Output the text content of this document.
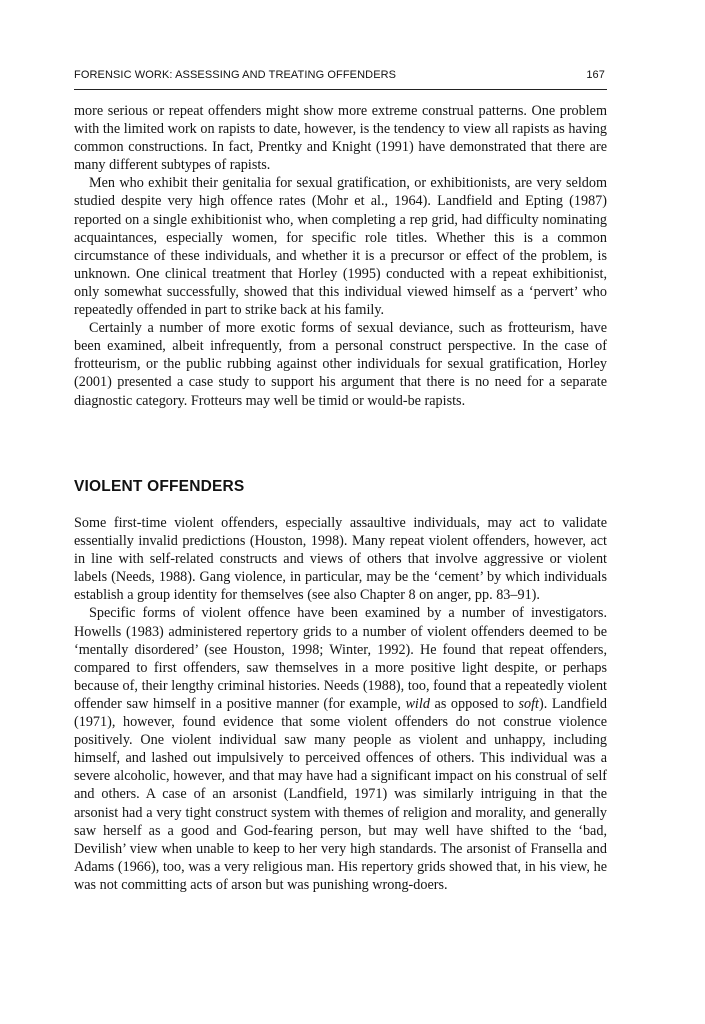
FORENSIC WORK: ASSESSING AND TREATING OFFENDERS	167

more serious or repeat offenders might show more extreme construal patterns. One problem with the limited work on rapists to date, however, is the tendency to view all rapists as having common constructions. In fact, Prentky and Knight (1991) have demonstrated that there are many different subtypes of rapists.

Men who exhibit their genitalia for sexual gratification, or exhibitionists, are very seldom studied despite very high offence rates (Mohr et al., 1964). Landfield and Epting (1987) reported on a single exhibitionist who, when completing a rep grid, had difficulty nominating acquaintances, especially women, for specific role titles. Whether this is a common circumstance of these individuals, and whether it is a precursor or effect of the problem, is unknown. One clinical treatment that Horley (1995) conducted with a repeat exhibitionist, only somewhat successfully, showed that this individual viewed himself as a ‘pervert’ who repeatedly offended in part to strike back at his family.

Certainly a number of more exotic forms of sexual deviance, such as frotteurism, have been examined, albeit infrequently, from a personal construct perspective. In the case of frotteurism, or the public rubbing against other individuals for sexual gratification, Horley (2001) presented a case study to support his argument that there is no need for a separate diagnostic category. Frotteurs may well be timid or would-be rapists.

VIOLENT OFFENDERS

Some first-time violent offenders, especially assaultive individuals, may act to validate essentially invalid predictions (Houston, 1998). Many repeat violent offenders, however, act in line with self-related constructs and views of others that involve aggressive or violent labels (Needs, 1988). Gang violence, in particular, may be the ‘cement’ by which individuals establish a group identity for themselves (see also Chapter 8 on anger, pp. 83–91).

Specific forms of violent offence have been examined by a number of investigators. Howells (1983) administered repertory grids to a number of violent offenders deemed to be ‘mentally disordered’ (see Houston, 1998; Winter, 1992). He found that repeat offenders, compared to first offenders, saw themselves in a more positive light despite, or perhaps because of, their lengthy criminal histories. Needs (1988), too, found that a repeatedly violent offender saw himself in a positive manner (for example, wild as opposed to soft). Landfield (1971), however, found evidence that some violent offenders do not construe violence positively. One violent individual saw many people as violent and unhappy, including himself, and lashed out impulsively to perceived offences of others. This individual was a severe alcoholic, however, and that may have had a significant impact on his construal of self and others. A case of an arsonist (Landfield, 1971) was similarly intriguing in that the arsonist had a very tight construct system with themes of religion and morality, and generally saw herself as a good and God-fearing person, but may well have shifted to the ‘bad, Devilish’ view when unable to keep to her very high standards. The arsonist of Fransella and Adams (1966), too, was a very religious man. His repertory grids showed that, in his view, he was not committing acts of arson but was punishing wrong-doers.
